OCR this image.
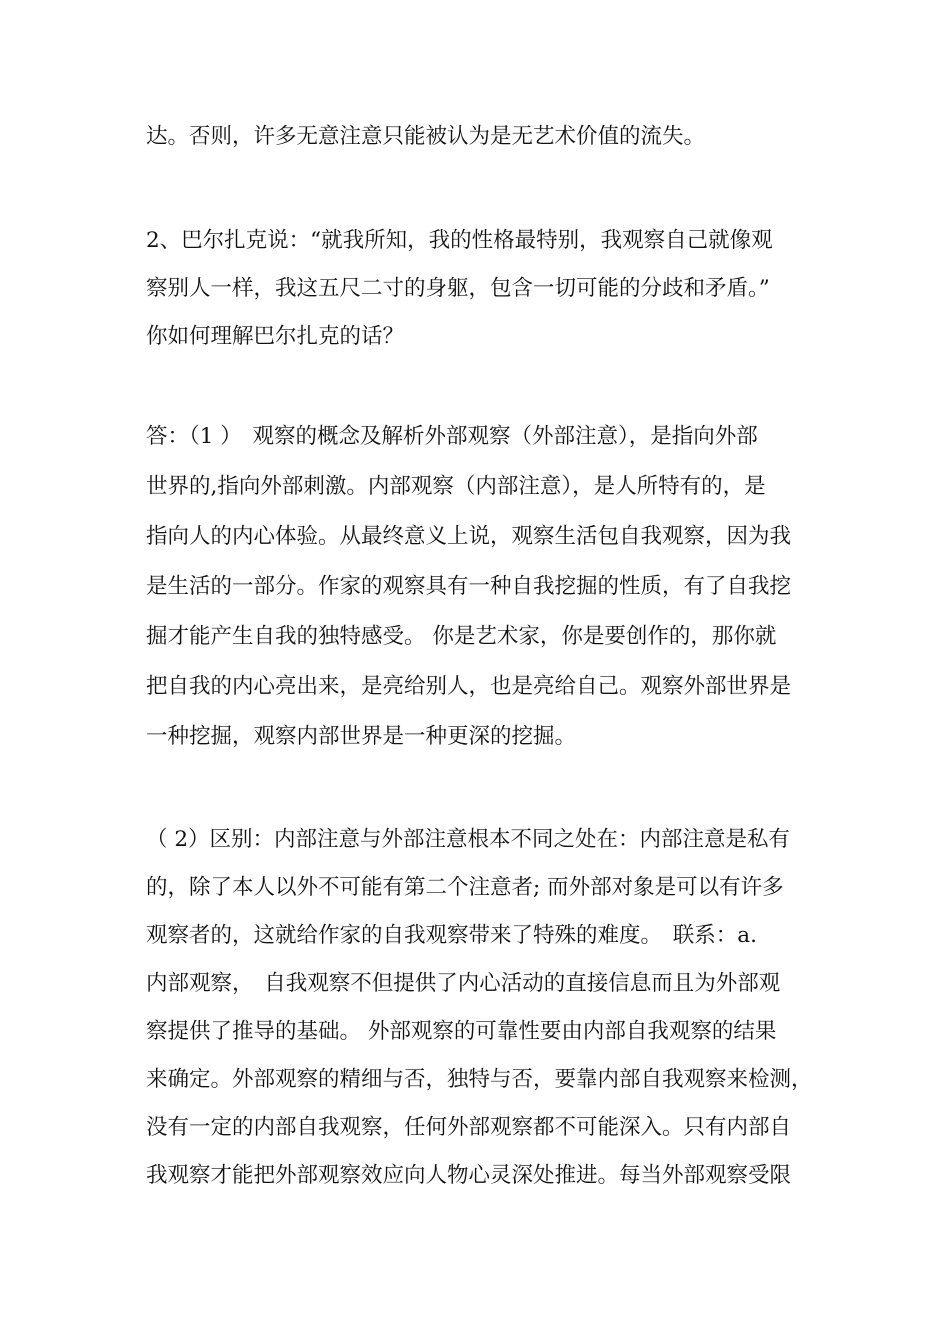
达。否则，许多无意注意只能被认为是无艺术价值的流失。
2、巴尔扎克说：“就我所知，我的性格最特别，我观察自己就像观
察别人一样，我这五尺二寸的身躯，包含一切可能的分歧和矛盾。”
你如何理解巴尔扎克的话？
答：（1 ）　观察的概念及解析外部观察（外部注意），是指向外部
世界的,指向外部刺激。内部观察（内部注意），是人所特有的，是
指向人的内心体验。从最终意义上说，观察生活包自我观察，因为我
是生活的一部分。作家的观察具有一种自我挖掘的性质，有了自我挖
掘才能产生自我的独特感受。 你是艺术家，你是要创作的，那你就
把自我的内心亮出来，是亮给别人，也是亮给自己。观察外部世界是
一种挖掘，观察内部世界是一种更深的挖掘。
（ 2）区别：内部注意与外部注意根本不同之处在：内部注意是私有
的，除了本人以外不可能有第二个注意者; 而外部对象是可以有许多
观察者的，这就给作家的自我观察带来了特殊的难度。　联系：a.
内部观察，　自我观察不但提供了内心活动的直接信息而且为外部观
察提供了推导的基础。 外部观察的可靠性要由内部自我观察的结果
来确定。外部观察的精细与否，独特与否，要靠内部自我观察来检测，
没有一定的内部自我观察，任何外部观察都不可能深入。只有内部自
我观察才能把外部观察效应向人物心灵深处推进。每当外部观察受限
